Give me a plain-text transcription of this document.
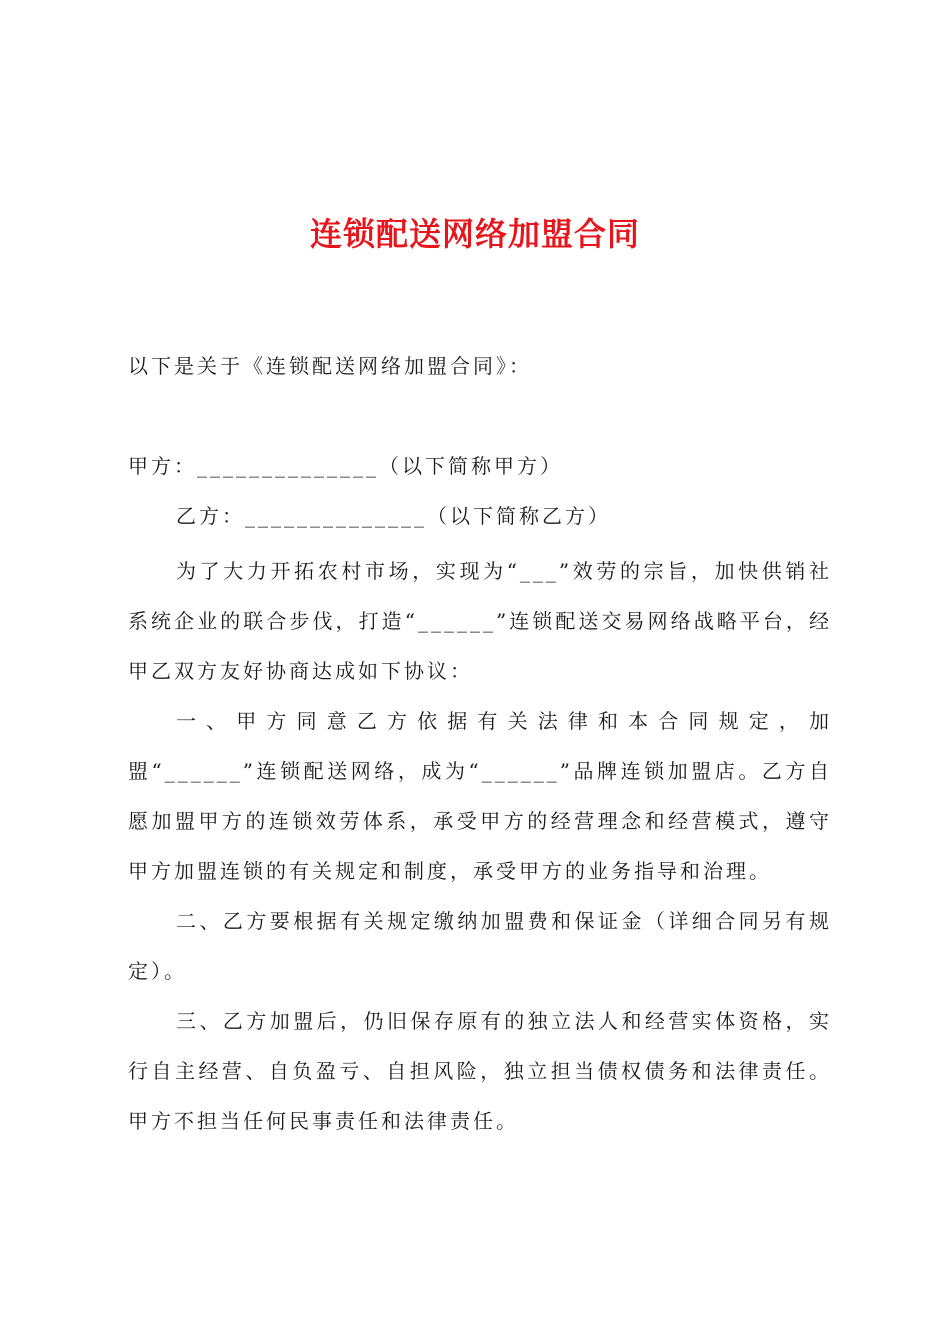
连锁配送网络加盟合同

以下是关于《连锁配送网络加盟合同》：

甲方：______________（以下简称甲方）

乙方：______________（以下简称乙方）

为了大力开拓农村市场，实现为“___”效劳的宗旨，加快供销社系统企业的联合步伐，打造“______”连锁配送交易网络战略平台，经甲乙双方友好协商达成如下协议：

一、甲方同意乙方依据有关法律和本合同规定，加盟“______”连锁配送网络，成为“______”品牌连锁加盟店。乙方自愿加盟甲方的连锁效劳体系，承受甲方的经营理念和经营模式，遵守甲方加盟连锁的有关规定和制度，承受甲方的业务指导和治理。

二、乙方要根据有关规定缴纳加盟费和保证金（详细合同另有规定）。

三、乙方加盟后，仍旧保存原有的独立法人和经营实体资格，实行自主经营、自负盈亏、自担风险，独立担当债权债务和法律责任。甲方不担当任何民事责任和法律责任。
